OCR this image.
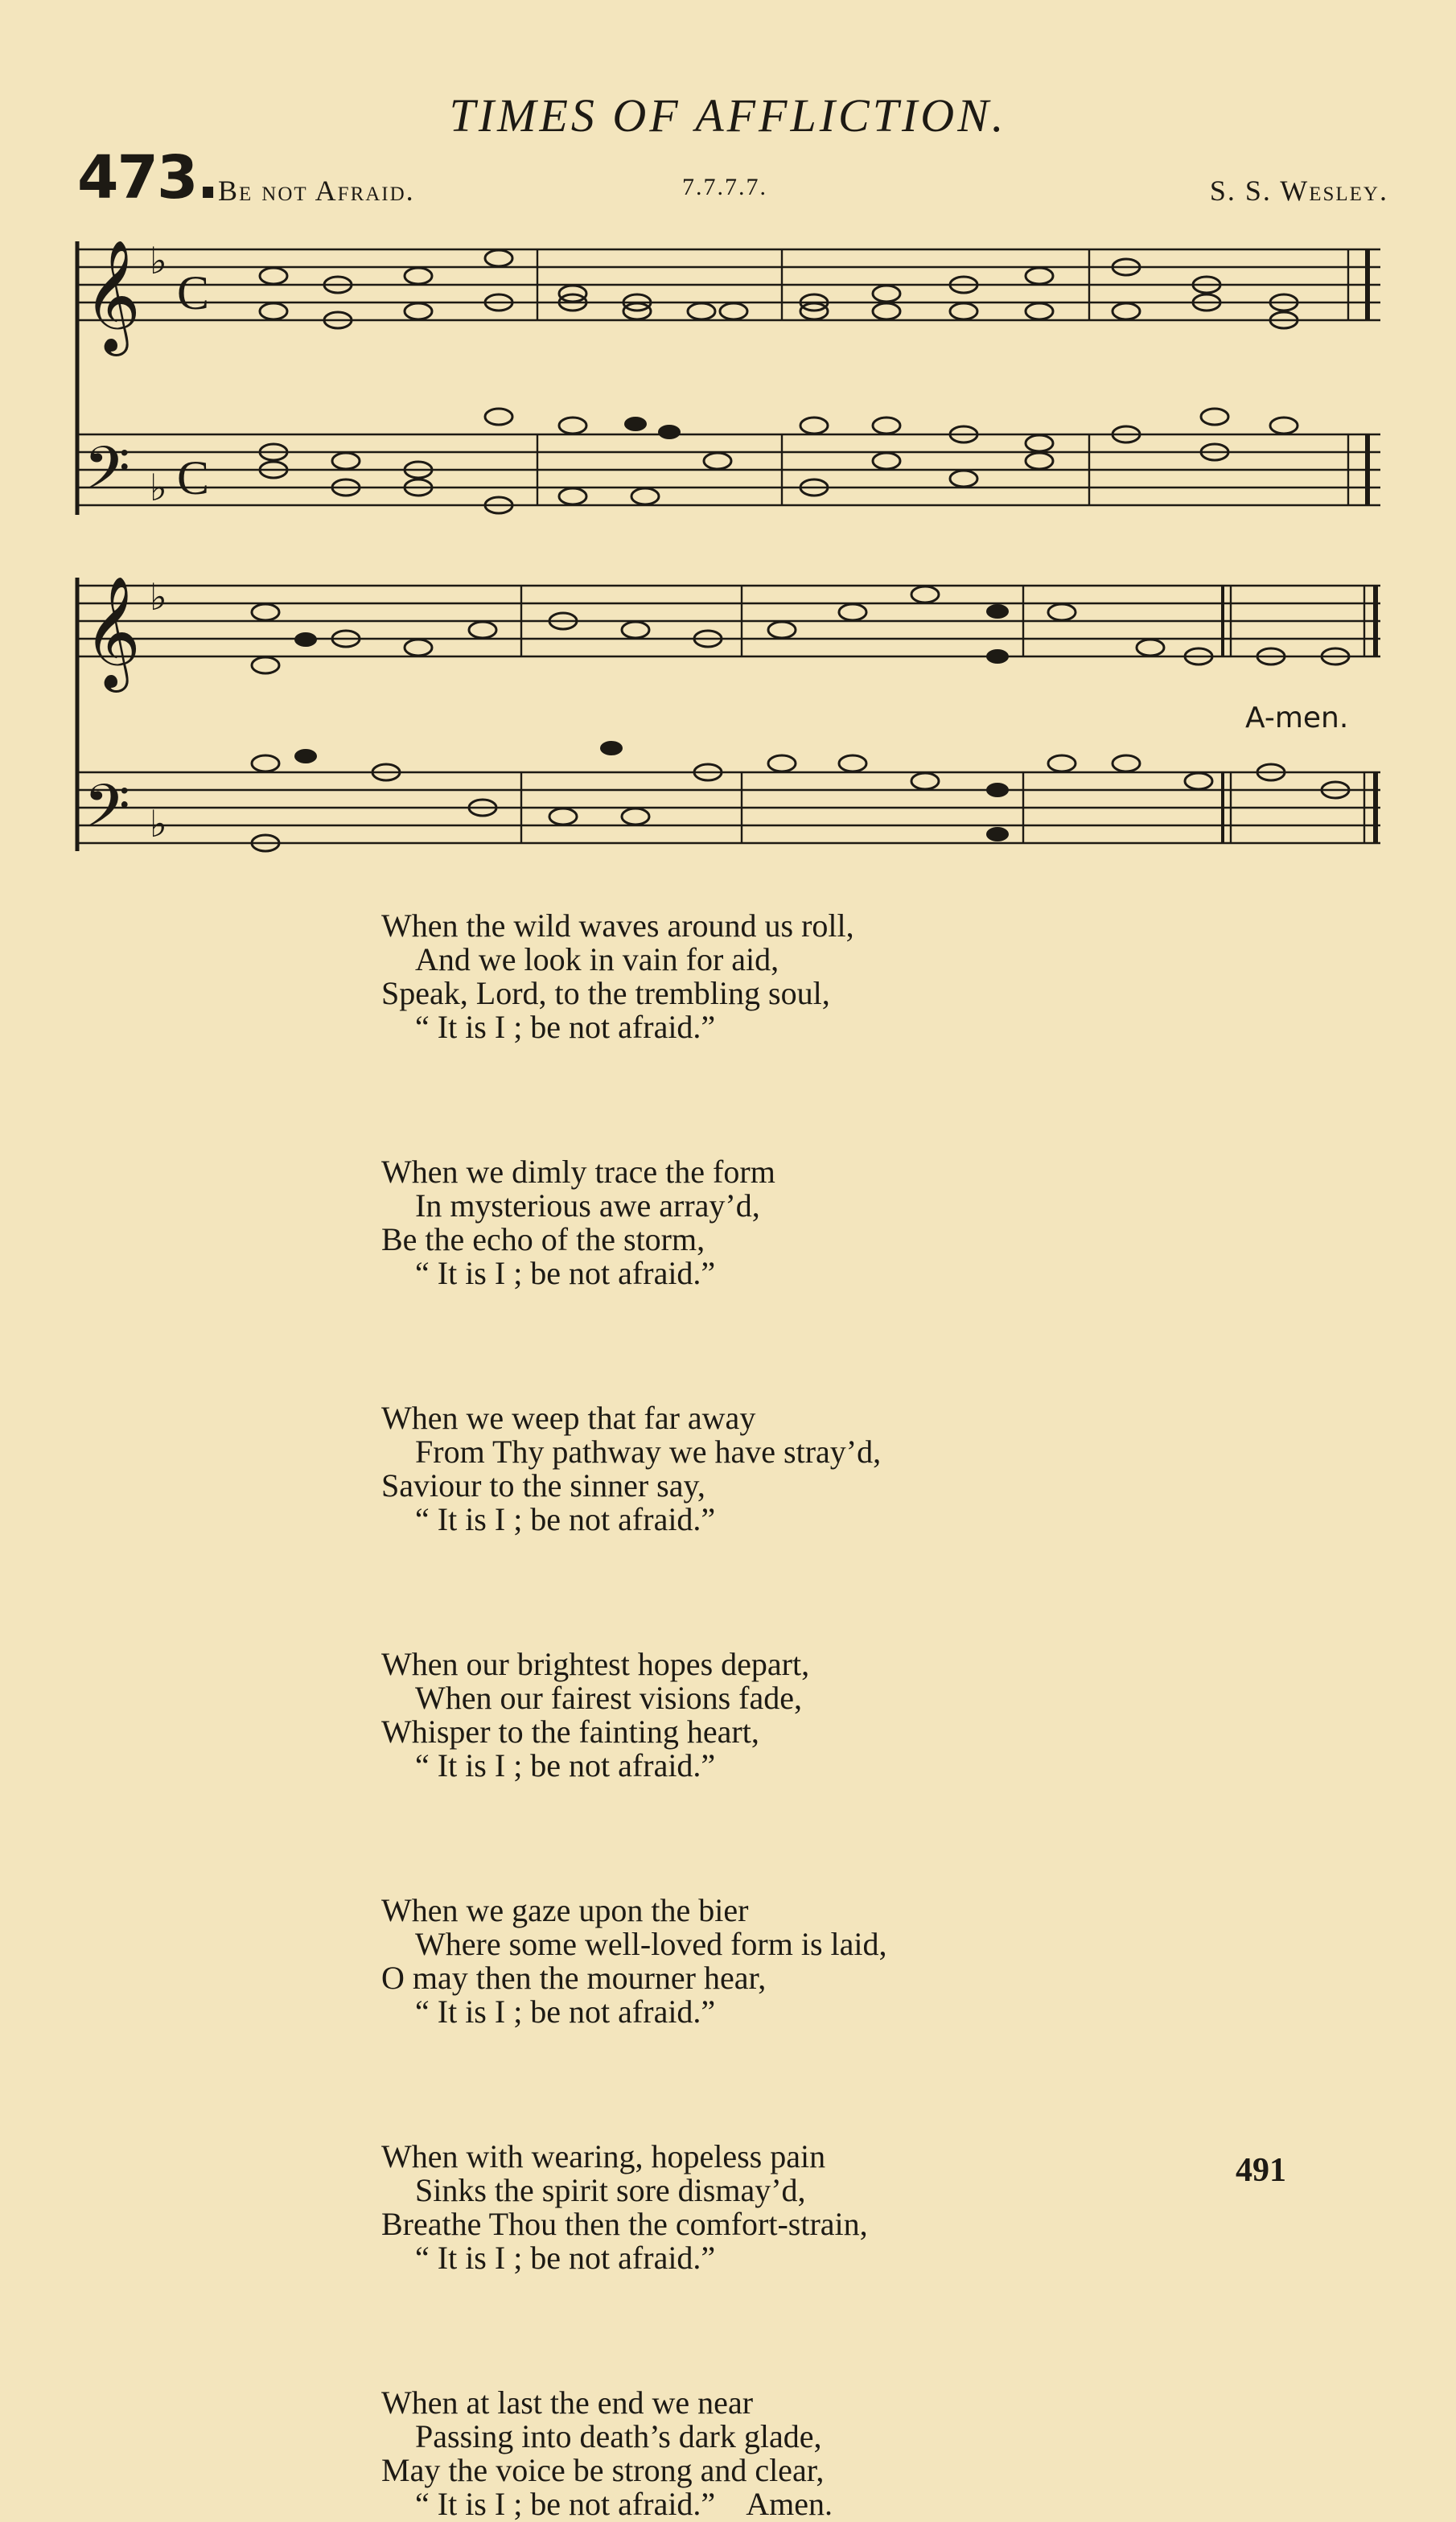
TIMES OF AFFLICTION.
473. Be not Afraid.	7.7.7.7.	S. S. Wesley.
𝄞
𝄢
𝄞
𝄢
♭
♭
♭
♭
C
C
A-men.
When the wild waves around us roll,
And we look in vain for aid,
Speak, Lord, to the trembling soul,
“ It is I ; be not afraid.”
When we dimly trace the form
In mysterious awe array’d,
Be the echo of the storm,
“ It is I ; be not afraid.”
When we weep that far away
From Thy pathway we have stray’d,
Saviour to the sinner say,
“ It is I ; be not afraid.”
When our brightest hopes depart,
When our fairest visions fade,
Whisper to the fainting heart,
“ It is I ; be not afraid.”
When we gaze upon the bier
Where some well-loved form is laid,
O may then the mourner hear,
“ It is I ; be not afraid.”
When with wearing, hopeless pain
Sinks the spirit sore dismay’d,
Breathe Thou then the comfort-strain,
“ It is I ; be not afraid.”
When at last the end we near
Passing into death’s dark glade,
May the voice be strong and clear,
“ It is I ; be not afraid.” Amen.
491
